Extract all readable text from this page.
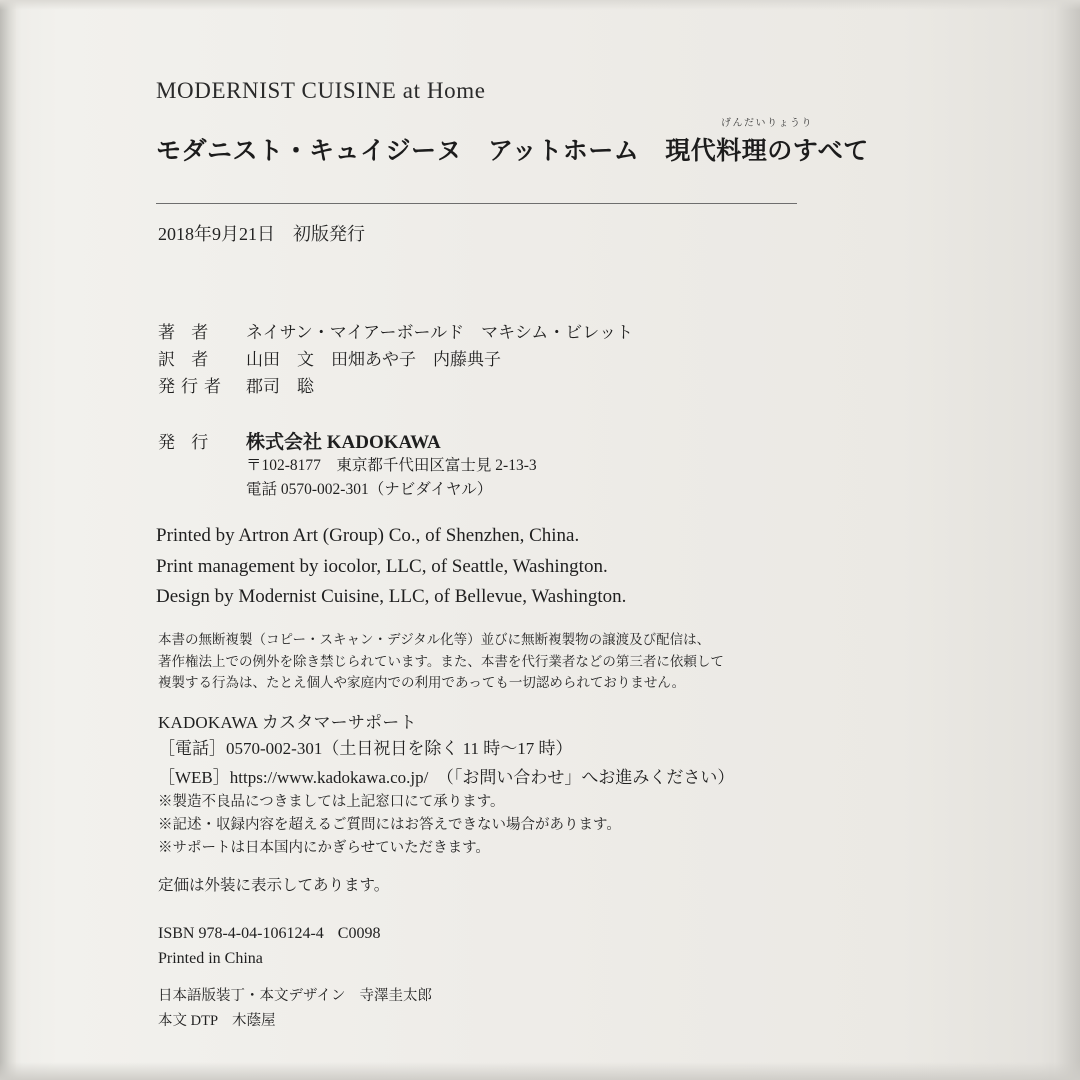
MODERNIST CUISINE at Home
モダニスト・キュイジーヌ アットホーム
げんだいりょうり
現代料理のすべて
2018年9月21日 初版発行
著 者	ネイサン・マイアーボールド　マキシム・ビレット
訳 者	山田　文　田畑あや子　内藤典子
発行者	郡司　聡
発 行	株式会社 KADOKAWA
〒102-8177　東京都千代田区富士見 2-13-3
電話 0570-002-301（ナビダイヤル）
Printed by Artron Art (Group) Co., of Shenzhen, China.
Print management by iocolor, LLC, of Seattle, Washington.
Design by Modernist Cuisine, LLC, of Bellevue, Washington.
本書の無断複製（コピー・スキャン・デジタル化等）並びに無断複製物の譲渡及び配信は、
著作権法上での例外を除き禁じられています。また、本書を代行業者などの第三者に依頼して
複製する行為は、たとえ個人や家庭内での利用であっても一切認められておりません。
KADOKAWA カスタマーサポート
［電話］0570-002-301（土日祝日を除く 11 時〜17 時）
［WEB］https://www.kadokawa.co.jp/　（「お問い合わせ」へお進みください）
※製造不良品につきましては上記窓口にて承ります。
※記述・収録内容を超えるご質問にはお答えできない場合があります。
※サポートは日本国内にかぎらせていただきます。
定価は外装に表示してあります。
ISBN 978-4-04-106124-4 C0098
Printed in China
日本語版装丁・本文デザイン 寺澤圭太郎
本文 DTP 木蔭屋
